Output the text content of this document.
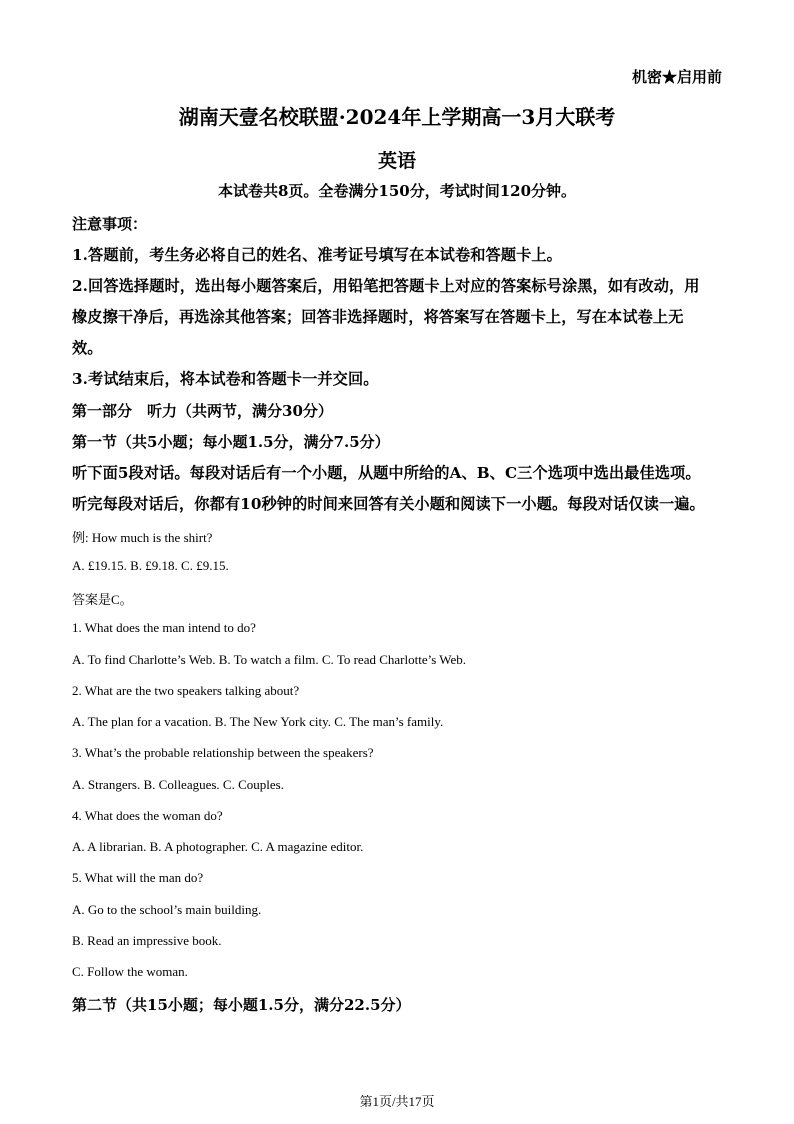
机密★启用前
湖南天壹名校联盟·2024年上学期高一3月大联考
英语
本试卷共8页。全卷满分150分，考试时间120分钟。
注意事项：
1.答题前，考生务必将自己的姓名、准考证号填写在本试卷和答题卡上。
2.回答选择题时，选出每小题答案后，用铅笔把答题卡上对应的答案标号涂黑，如有改动，用
橡皮擦干净后，再选涂其他答案；回答非选择题时，将答案写在答题卡上，写在本试卷上无
效。
3.考试结束后，将本试卷和答题卡一并交回。
第一部分　听力（共两节，满分30分）
第一节（共5小题；每小题1.5分，满分7.5分）
听下面5段对话。每段对话后有一个小题，从题中所给的A、B、C三个选项中选出最佳选项。
听完每段对话后，你都有10秒钟的时间来回答有关小题和阅读下一小题。每段对话仅读一遍。
例: How much is the shirt?
A. £19.15. B. £9.18. C. £9.15.
答案是C。
1. What does the man intend to do?
A. To find Charlotte’s Web. B. To watch a film. C. To read Charlotte’s Web.
2. What are the two speakers talking about?
A. The plan for a vacation. B. The New York city. C. The man’s family.
3. What’s the probable relationship between the speakers?
A. Strangers. B. Colleagues. C. Couples.
4. What does the woman do?
A. A librarian. B. A photographer. C. A magazine editor.
5. What will the man do?
A. Go to the school’s main building.
B. Read an impressive book.
C. Follow the woman.
第二节（共15小题；每小题1.5分，满分22.5分）
第1页/共17页
